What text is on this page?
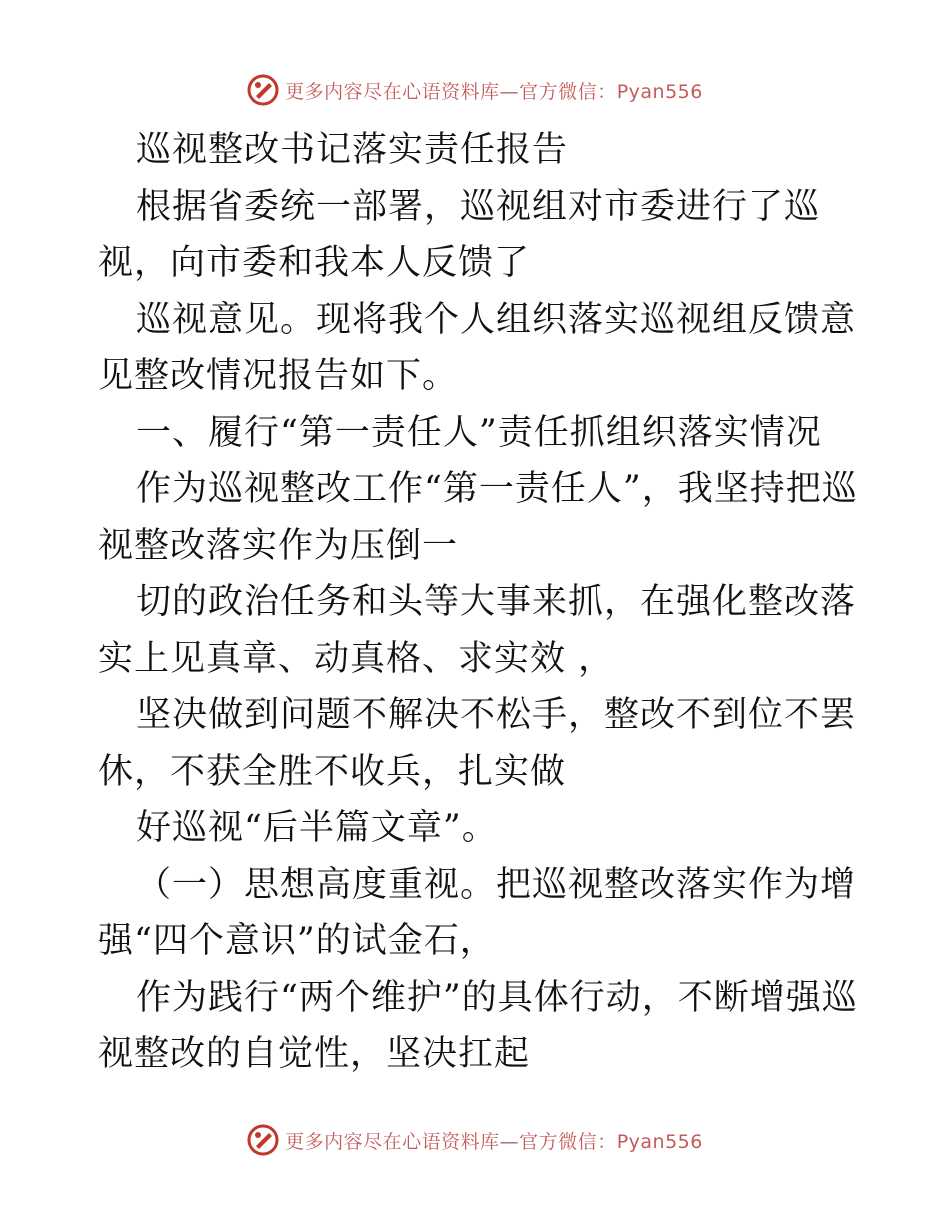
更多内容尽在心语资料库—官方微信：Pyan556

巡视整改书记落实责任报告

根据省委统一部署，巡视组对市委进行了巡视，向市委和我本人反馈了

巡视意见。现将我个人组织落实巡视组反馈意见整改情况报告如下。

一、履行“第一责任人”责任抓组织落实情况

作为巡视整改工作“第一责任人”，我坚持把巡视整改落实作为压倒一

切的政治任务和头等大事来抓，在强化整改落实上见真章、动真格、求实效 ，

坚决做到问题不解决不松手，整改不到位不罢休，不获全胜不收兵，扎实做

好巡视“后半篇文章”。

（一）思想高度重视。把巡视整改落实作为增强“四个意识”的试金石，

作为践行“两个维护”的具体行动，不断增强巡视整改的自觉性，坚决扛起

更多内容尽在心语资料库—官方微信：Pyan556
